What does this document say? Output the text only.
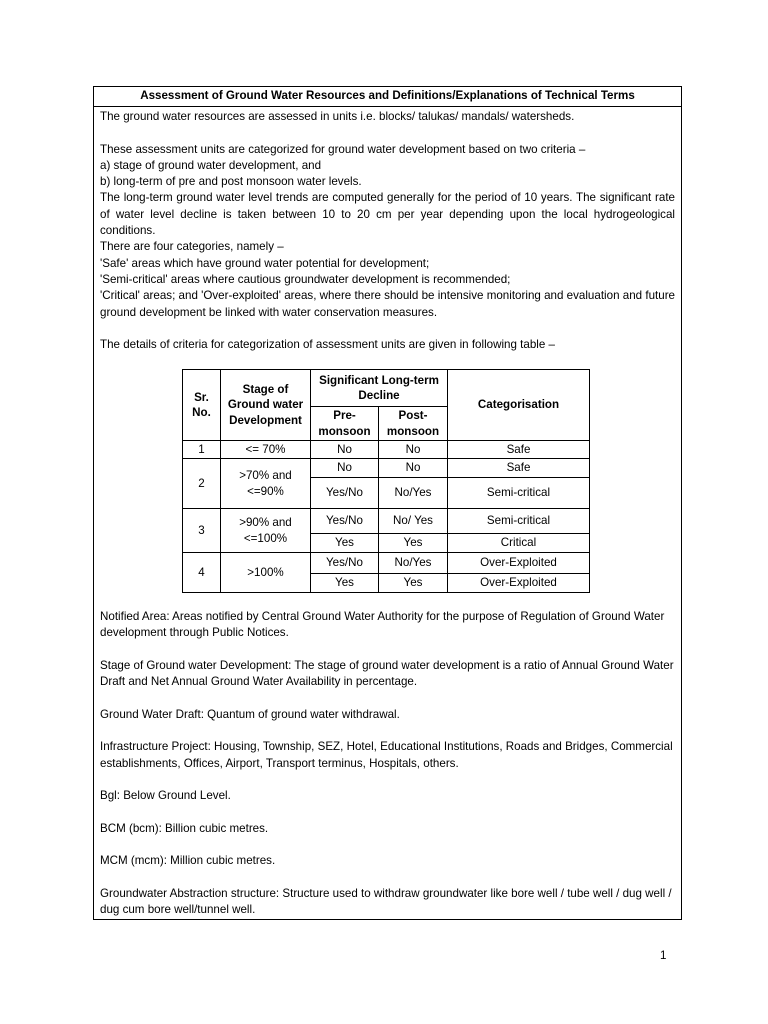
Assessment of Ground Water Resources and Definitions/Explanations of Technical Terms

The ground water resources are assessed in units i.e. blocks/ talukas/ mandals/ watersheds.

These assessment units are categorized for ground water development based on two criteria –

a) stage of ground water development, and

b) long-term of pre and post monsoon water levels.

The long-term ground water level trends are computed generally for the period of 10 years. The significant rate of water level decline is taken between 10 to 20 cm per year depending upon the local hydrogeological conditions.

There are four categories, namely –

'Safe' areas which have ground water potential for development;

'Semi-critical' areas where cautious groundwater development is recommended;

'Critical' areas; and 'Over-exploited' areas, where there should be intensive monitoring and evaluation and future ground development be linked with water conservation measures.

The details of criteria for categorization of assessment units are given in following table –

Sr. No.	Stage of Ground water Development	Significant Long-term Decline		Categorisation
		Pre-monsoon	Post-monsoon	
1	<= 70%	No	No	Safe
2	>70% and <=90%	No	No	Safe
		Yes/No	No/Yes	Semi-critical
3	>90% and <=100%	Yes/No	No/ Yes	Semi-critical
		Yes	Yes	Critical
4	>100%	Yes/No	No/Yes	Over-Exploited
		Yes	Yes	Over-Exploited

Notified Area: Areas notified by Central Ground Water Authority for the purpose of Regulation of Ground Water development through Public Notices.

Stage of Ground water Development: The stage of ground water development is a ratio of Annual Ground Water Draft and Net Annual Ground Water Availability in percentage.

Ground Water Draft: Quantum of ground water withdrawal.

Infrastructure Project: Housing, Township, SEZ, Hotel, Educational Institutions, Roads and Bridges, Commercial establishments, Offices, Airport, Transport terminus, Hospitals, others.

Bgl: Below Ground Level.

BCM (bcm): Billion cubic metres.

MCM (mcm): Million cubic metres.

Groundwater Abstraction structure: Structure used to withdraw groundwater like bore well / tube well / dug well / dug cum bore well/tunnel well.

1
